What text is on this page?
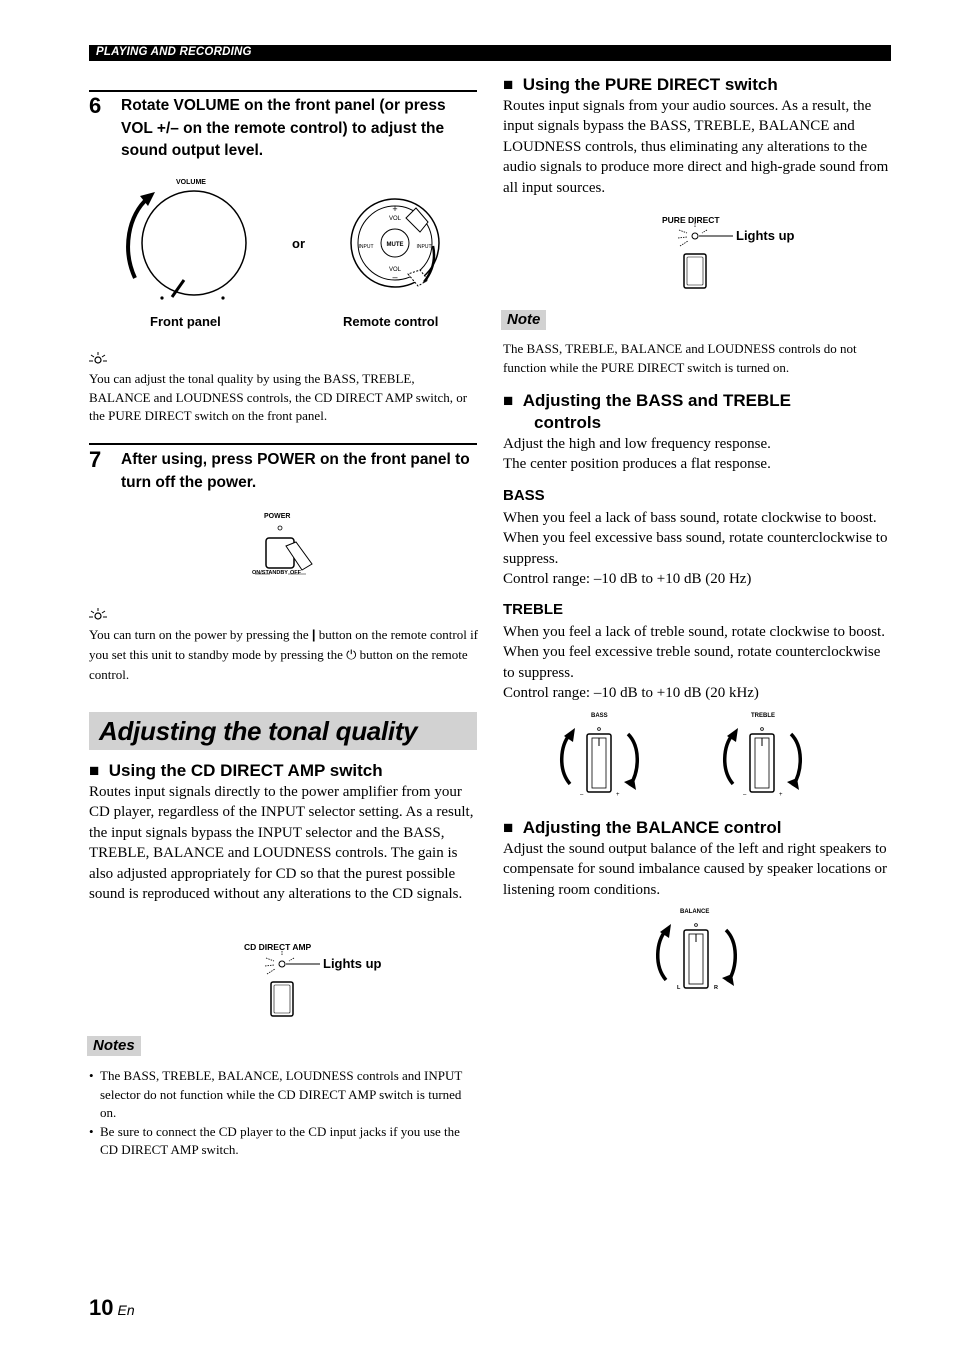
PLAYING AND RECORDING
6 Rotate VOLUME on the front panel (or press VOL +/– on the remote control) to adjust the sound output level.
VOLUME
or	MUTE
VOL
VOL
INPUT	INPUT
+
–
Front panel	Remote control
You can adjust the tonal quality by using the BASS, TREBLE, BALANCE and LOUDNESS controls, the CD DIRECT AMP switch, or the PURE DIRECT switch on the front panel.
7 After using, press POWER on the front panel to turn off the power.
POWER
ON/STANDBY OFF
You can turn on the power by pressing the | button on the remote control if you set this unit to standby mode by pressing the ⏻ button on the remote control.
Adjusting the tonal quality
■ Using the CD DIRECT AMP switch
Routes input signals directly to the power amplifier from your CD player, regardless of the INPUT selector setting. As a result, the input signals bypass the INPUT selector and the BASS, TREBLE, BALANCE and LOUDNESS controls. The gain is also adjusted appropriately for CD so that the purest possible sound is reproduced without any alterations to the CD signals.
CD DIRECT AMP
Lights up
Notes
• The BASS, TREBLE, BALANCE, LOUDNESS controls and INPUT selector do not function while the CD DIRECT AMP switch is turned on.
• Be sure to connect the CD player to the CD input jacks if you use the CD DIRECT AMP switch.
■ Using the PURE DIRECT switch
Routes input signals from your audio sources. As a result, the input signals bypass the BASS, TREBLE, BALANCE and LOUDNESS controls, thus eliminating any alterations to the audio signals to produce more direct and high-grade sound from all input sources.
PURE DIRECT
Lights up
Note
The BASS, TREBLE, BALANCE and LOUDNESS controls do not function while the PURE DIRECT switch is turned on.
■ Adjusting the BASS and TREBLE
controls
Adjust the high and low frequency response.
The center position produces a flat response.
BASS
When you feel a lack of bass sound, rotate clockwise to boost. When you feel excessive bass sound, rotate counterclockwise to suppress.
Control range: –10 dB to +10 dB (20 Hz)
TREBLE
When you feel a lack of treble sound, rotate clockwise to boost. When you feel excessive treble sound, rotate counterclockwise to suppress.
Control range: –10 dB to +10 dB (20 kHz)
BASS
–	+
TREBLE
–	+
■ Adjusting the BALANCE control
Adjust the sound output balance of the left and right speakers to compensate for sound imbalance caused by speaker locations or listening room conditions.
BALANCE
L	R
10 En
